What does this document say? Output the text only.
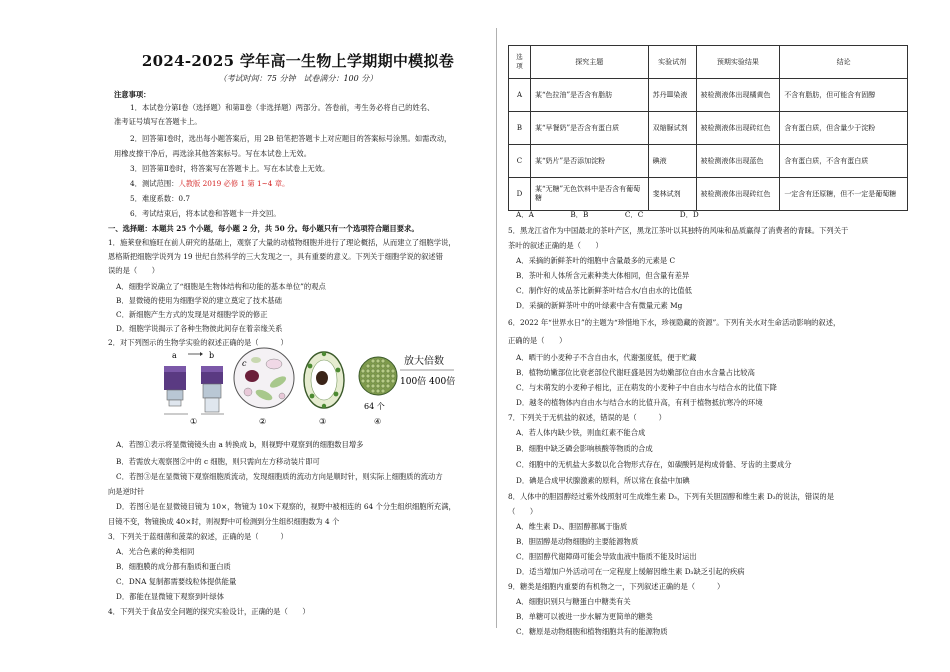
2024-2025 学年高一生物上学期期中模拟卷
（考试时间：75 分钟　试卷满分：100 分）
注意事项：
1．本试卷分第Ⅰ卷（选择题）和第Ⅱ卷（非选择题）两部分。答卷前，考生务必将自己的姓名、
准考证号填写在答题卡上。
2．回答第Ⅰ卷时，选出每小题答案后，用 2B 铅笔把答题卡上对应题目的答案标号涂黑。如需改动，
用橡皮擦干净后，再选涂其他答案标号。写在本试卷上无效。
3．回答第Ⅱ卷时，将答案写在答题卡上。写在本试卷上无效。
4．测试范围：人教版 2019 必修 1 第 1~4 章。
5．难度系数：0.7
6．考试结束后，将本试卷和答题卡一并交回。
一、选择题：本题共 25 个小题，每小题 2 分，共 50 分。每小题只有一个选项符合题目要求。
1．施莱登和施旺在前人研究的基础上，观察了大量的动植物细胞并进行了理论概括，从而建立了细胞学说，
恩格斯把细胞学说列为 19 世纪自然科学的三大发现之一，具有重要的意义。下列关于细胞学说的叙述错
误的是（　　）
A．细胞学说确立了“细胞是生物体结构和功能的基本单位”的观点
B．显微镜的使用为细胞学说的建立奠定了技术基础
C．新细胞产生方式的发现是对细胞学说的修正
D．细胞学说揭示了各种生物彼此间存在着亲缘关系
2．对下列图示的生物学实验的叙述正确的是（　　　）
a	b
①
c
②	③
64 个
④
放大倍数
100倍 400倍
A．若图①表示将显微镜镜头由 a 转换成 b，则视野中观察到的细胞数目增多
B．若需放大观察图②中的 c 细胞，则只需向左方移动装片即可
C．若图③是在显微镜下观察细胞质流动，发现细胞质的流动方向是顺时针，则实际上细胞质的流动方
向是逆时针
D．若图④是在显微镜目镜为 10×，物镜为 10×下观察的，视野中被相连的 64 个分生组织细胞所充满，
目镜不变，物镜换成 40×时，则视野中可检测到分生组织细胞数为 4 个
3．下列关于蓝细菌和菠菜的叙述，正确的是（　　　）
A．光合色素的种类相同
B．细胞膜的成分都有脂质和蛋白质
C．DNA 复制都需要线粒体提供能量
D．都能在显微镜下观察到叶绿体
4．下列关于食品安全问题的探究实验设计，正确的是（　　）
选项	探究主题	实验试剂	预期实验结果	结论
A	某“色拉油”是否含有脂肪	苏丹Ⅲ染液	被检测液体出现橘黄色	不含有脂肪，但可能含有固醇
B	某“早餐奶”是否含有蛋白质	双缩脲试剂	被检测液体出现砖红色	含有蛋白质，但含量少于淀粉
C	某“奶片”是否添加淀粉	碘液	被检测液体出现蓝色	含有蛋白质，不含有蛋白质
D	某“无糖”无色饮料中是否含有葡萄糖	斐林试剂	被检测液体出现砖红色	一定含有还原糖，但不一定是葡萄糖
A．A　　　　　B．B　　　　　C．C　　　　　D．D
5．黑龙江省作为中国最北的茶叶产区，黑龙江茶叶以其独特的风味和品质赢得了消费者的青睐。下列关于
茶叶的叙述正确的是（　　）
A．采摘的新鲜茶叶的细胞中含量最多的元素是 C
B．茶叶和人体所含元素种类大体相同，但含量有差异
C．制作好的成品茶比新鲜茶叶结合水/自由水的比值低
D．采摘的新鲜茶叶中的叶绿素中含有微量元素 Mg
6．2022 年“世界水日”的主题为“珍惜地下水，珍视隐藏的资源”。下列有关水对生命活动影响的叙述，
正确的是（　　）
A．晒干的小麦种子不含自由水，代谢强度低，便于贮藏
B．植物幼嫩部位比衰老部位代谢旺盛是因为幼嫩部位自由水含量占比较高
C．与未萌发的小麦种子相比，正在萌发的小麦种子中自由水与结合水的比值下降
D．越冬的植物体内自由水与结合水的比值升高，有利于植物抵抗寒冷的环境
7．下列关于无机盐的叙述，错误的是（　　　）
A．若人体内缺少铁，则血红素不能合成
B．细胞中缺乏磷会影响核酸等物质的合成
C．细胞中的无机盐大多数以化合物形式存在，如碳酸钙是构成骨骼、牙齿的主要成分
D．碘是合成甲状腺激素的原料，所以常在食盐中加碘
8．人体中的胆固醇经过紫外线照射可生成维生素 D₃，下列有关胆固醇和维生素 D₃的说法，错误的是
（　　）
A．维生素 D₃、胆固醇都属于脂质
B．胆固醇是动物细胞的主要能源物质
C．胆固醇代谢障碍可能会导致血液中脂质不能及时运出
D．适当增加户外活动可在一定程度上缓解因维生素 D₃缺乏引起的疾病
9．糖类是细胞内重要的有机物之一，下列叙述正确的是（　　　）
A．细胞识别只与糖蛋白中糖类有关
B．单糖可以被进一步水解为更简单的糖类
C．糖原是动物细胞和植物细胞共有的能源物质
